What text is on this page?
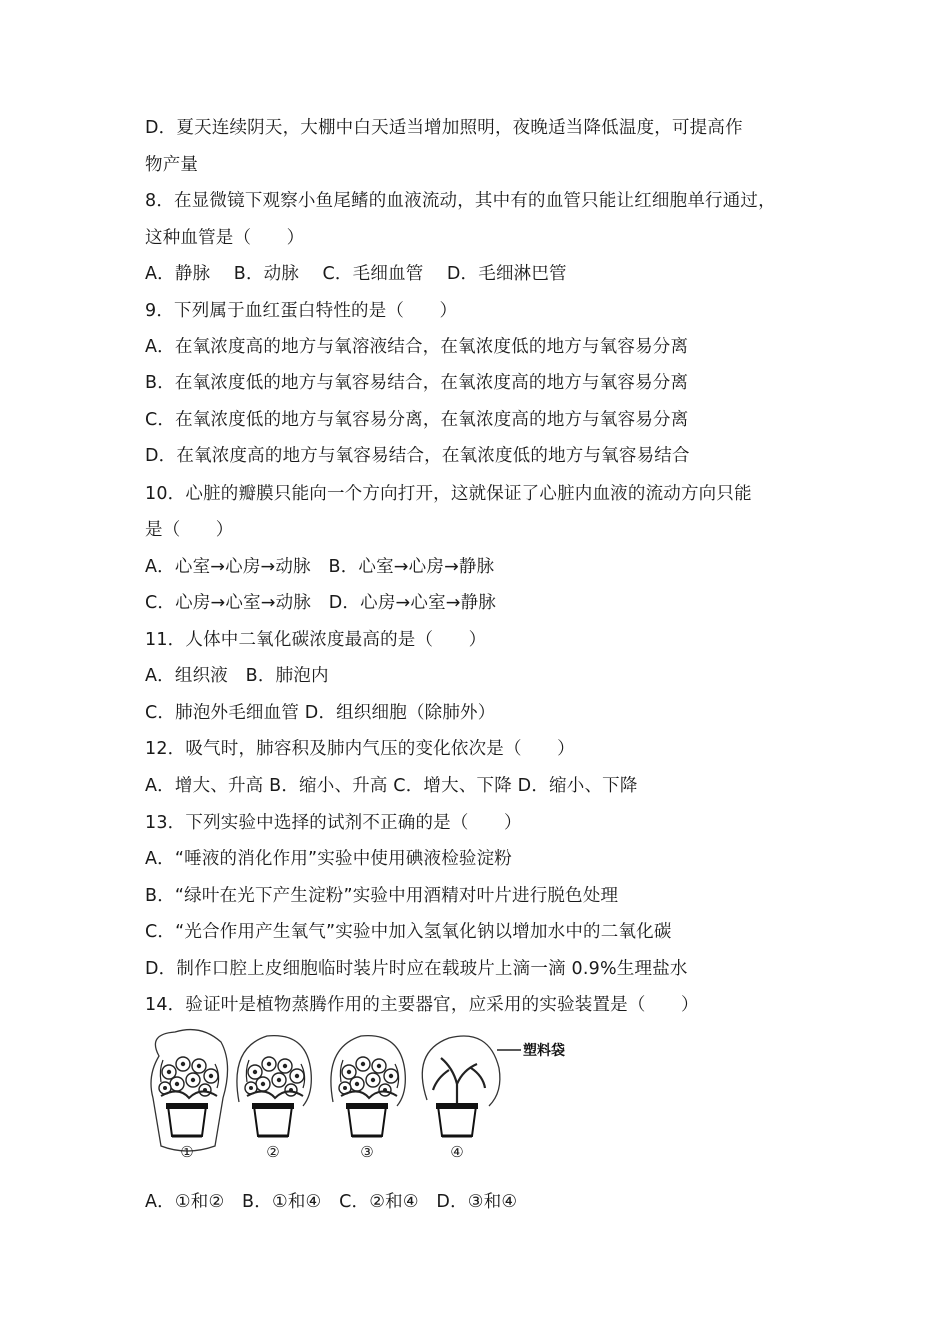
D．夏天连续阴天，大棚中白天适当增加照明，夜晚适当降低温度，可提高作
物产量
8．在显微镜下观察小鱼尾鳍的血液流动，其中有的血管只能让红细胞单行通过，
这种血管是（　　）
A．静脉　 B．动脉　 C．毛细血管　 D．毛细淋巴管
9．下列属于血红蛋白特性的是（　　）
A．在氧浓度高的地方与氧溶液结合，在氧浓度低的地方与氧容易分离
B．在氧浓度低的地方与氧容易结合，在氧浓度高的地方与氧容易分离
C．在氧浓度低的地方与氧容易分离，在氧浓度高的地方与氧容易分离
D．在氧浓度高的地方与氧容易结合，在氧浓度低的地方与氧容易结合
10．心脏的瓣膜只能向一个方向打开，这就保证了心脏内血液的流动方向只能
是（　　）
A．心室→心房→动脉　B．心室→心房→静脉
C．心房→心室→动脉　D．心房→心室→静脉
11．人体中二氧化碳浓度最高的是（　　）
A．组织液　B．肺泡内
C．肺泡外毛细血管 D．组织细胞（除肺外）
12．吸气时，肺容积及肺内气压的变化依次是（　　）
A．增大、升高 B．缩小、升高 C．增大、下降 D．缩小、下降
13．下列实验中选择的试剂不正确的是（　　）
A．“唾液的消化作用”实验中使用碘液检验淀粉
B．“绿叶在光下产生淀粉”实验中用酒精对叶片进行脱色处理
C．“光合作用产生氧气”实验中加入氢氧化钠以增加水中的二氧化碳
D．制作口腔上皮细胞临时装片时应在载玻片上滴一滴 0.9%生理盐水
14．验证叶是植物蒸腾作用的主要器官，应采用的实验装置是（　　）
①	②	③
塑料袋
④
A．①和②　B．①和④　C．②和④　D．③和④
